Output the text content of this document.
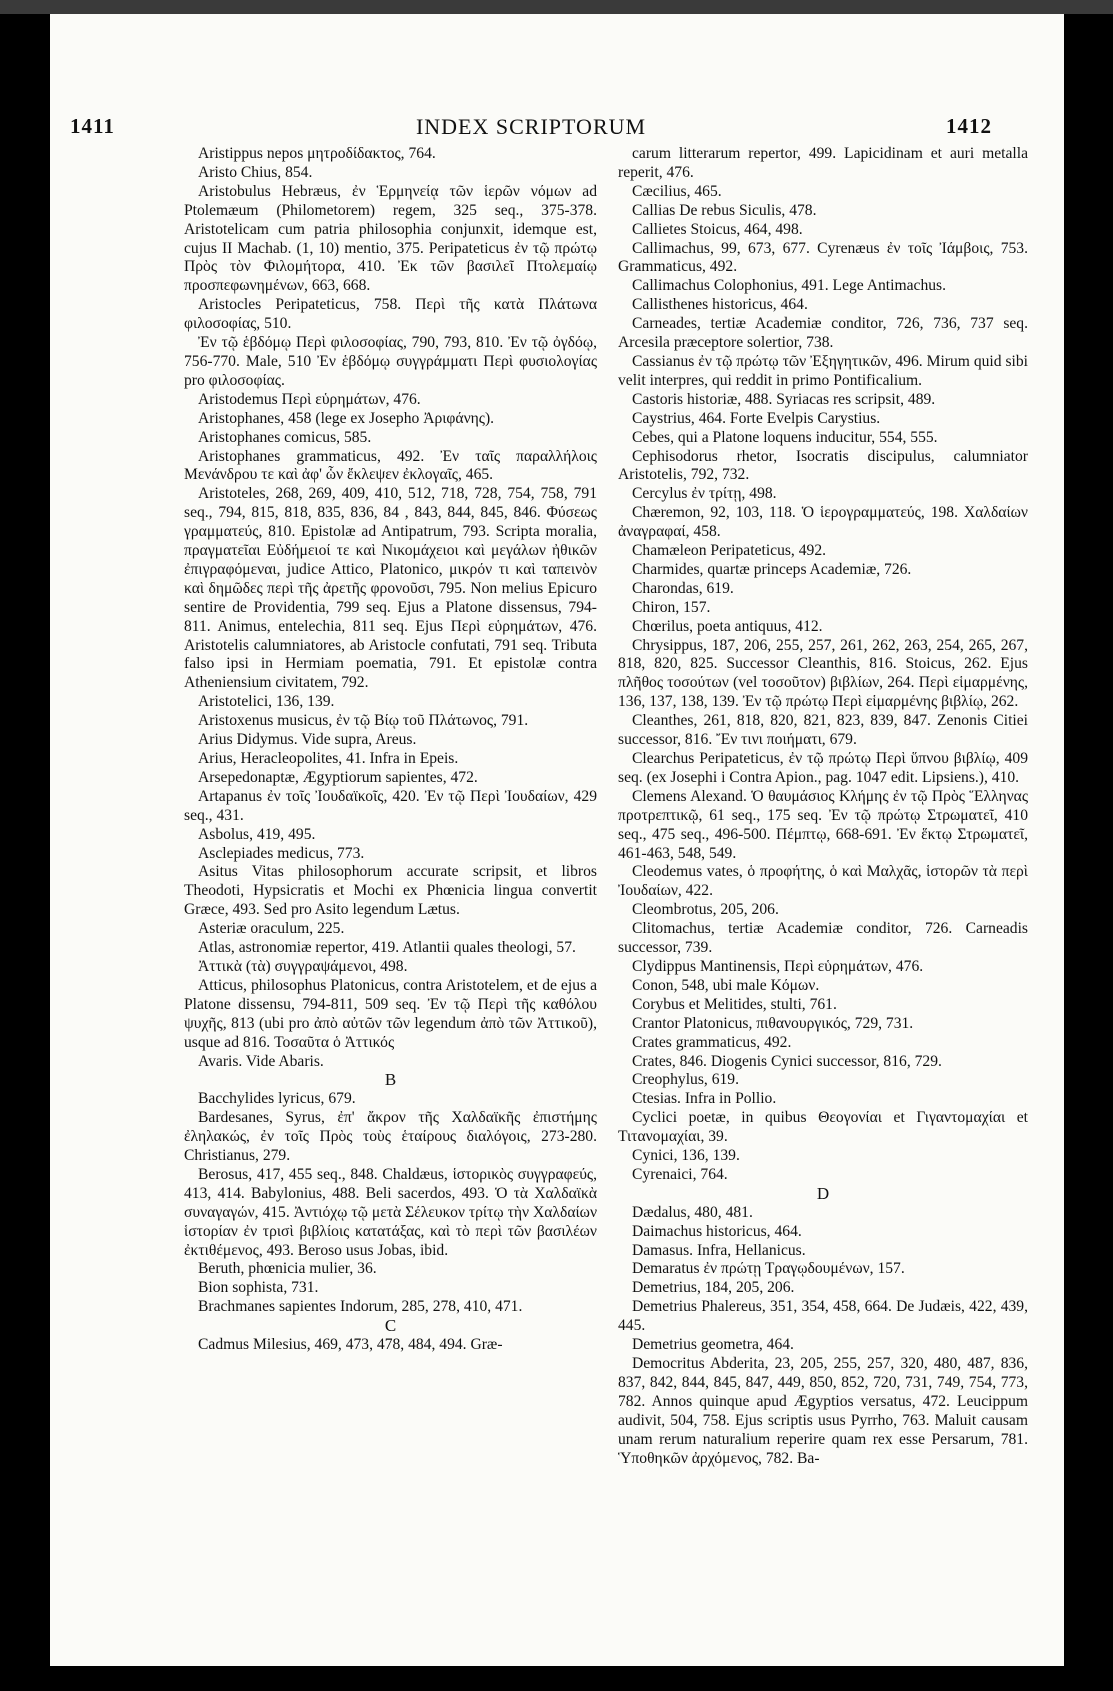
1411	INDEX SCRIPTORUM	1412

Aristippus nepos μητροδίδακτος, 764.

Aristo Chius, 854.

Aristobulus Hebræus, ἐν Ἑρμηνείᾳ τῶν ἱερῶν νόμων ad Ptolemæum (Philometorem) regem, 325 seq., 375-378. Aristotelicam cum patria philosophia conjunxit, idemque est, cujus II Machab. (1, 10) mentio, 375. Peripateticus ἐν τῷ πρώτῳ Πρὸς τὸν Φιλομήτορα, 410. Ἐκ τῶν βασιλεῖ Πτολεμαίῳ προσπεφωνημένων, 663, 668.

Aristocles Peripateticus, 758. Περὶ τῆς κατὰ Πλάτωνα φιλοσοφίας, 510.

Ἐν τῷ ἑβδόμῳ Περὶ φιλοσοφίας, 790, 793, 810. Ἐν τῷ ὀγδόῳ, 756-770. Male, 510 Ἐν ἑβδόμῳ συγγράμματι Περὶ φυσιολογίας pro φιλοσοφίας.

Aristodemus Περὶ εὑρημάτων, 476.

Aristophanes, 458 (lege ex Josepho Ἀριφάνης).

Aristophanes comicus, 585.

Aristophanes grammaticus, 492. Ἐν ταῖς παραλλήλοις Μενάνδρου τε καὶ ἀφ' ὧν ἔκλεψεν ἐκλογαῖς, 465.

Aristoteles, 268, 269, 409, 410, 512, 718, 728, 754, 758, 791 seq., 794, 815, 818, 835, 836, 84 , 843, 844, 845, 846. Φύσεως γραμματεύς, 810. Epistolæ ad Antipatrum, 793. Scripta moralia, πραγματεῖαι Εὐδήμειοί τε καὶ Νικομάχειοι καὶ μεγάλων ἠθικῶν ἐπιγραφόμεναι, judice Attico, Platonico, μικρόν τι καὶ ταπεινὸν καὶ δημῶδες περὶ τῆς ἀρετῆς φρονοῦσι, 795. Non melius Epicuro sentire de Providentia, 799 seq. Ejus a Platone dissensus, 794-811. Animus, entelechia, 811 seq. Ejus Περὶ εὑρημάτων, 476. Aristotelis calumniatores, ab Aristocle confutati, 791 seq. Tributa falso ipsi in Hermiam poematia, 791. Et epistolæ contra Atheniensium civitatem, 792.

Aristotelici, 136, 139.

Aristoxenus musicus, ἐν τῷ Βίῳ τοῦ Πλάτωνος, 791.

Arius Didymus. Vide supra, Areus.

Arius, Heracleopolites, 41. Infra in Epeis.

Arsepedonaptæ, Ægyptiorum sapientes, 472.

Artapanus ἐν τοῖς Ἰουδαϊκοῖς, 420. Ἐν τῷ Περὶ Ἰουδαίων, 429 seq., 431.

Asbolus, 419, 495.

Asclepiades medicus, 773.

Asitus Vitas philosophorum accurate scripsit, et libros Theodoti, Hypsicratis et Mochi ex Phœnicia lingua convertit Græce, 493. Sed pro Asito legendum Lætus.

Asteriæ oraculum, 225.

Atlas, astronomiæ repertor, 419. Atlantii quales theologi, 57.

Ἀττικὰ (τὰ) συγγραψάμενοι, 498.

Atticus, philosophus Platonicus, contra Aristotelem, et de ejus a Platone dissensu, 794-811, 509 seq. Ἐν τῷ Περὶ τῆς καθόλου ψυχῆς, 813 (ubi pro ἀπὸ αὐτῶν τῶν legendum ἀπὸ τῶν Ἀττικοῦ), usque ad 816. Τοσαῦτα ὁ Ἀττικός

Avaris. Vide Abaris.

B

Bacchylides lyricus, 679.

Bardesanes, Syrus, ἐπ' ἄκρον τῆς Χαλδαϊκῆς ἐπιστήμης ἐληλακώς, ἐν τοῖς Πρὸς τοὺς ἑταίρους διαλόγοις, 273-280. Christianus, 279.

Berosus, 417, 455 seq., 848. Chaldæus, ἱστορικὸς συγγραφεύς, 413, 414. Babylonius, 488. Beli sacerdos, 493. Ὁ τὰ Χαλδαϊκὰ συναγαγών, 415. Ἀντιόχῳ τῷ μετὰ Σέλευκον τρίτῳ τὴν Χαλδαίων ἱστορίαν ἐν τρισὶ βιβλίοις κατατάξας, καὶ τὸ περὶ τῶν βασιλέων ἐκτιθέμενος, 493. Beroso usus Jobas, ibid.

Beruth, phœnicia mulier, 36.

Bion sophista, 731.

Brachmanes sapientes Indorum, 285, 278, 410, 471.

C

Cadmus Milesius, 469, 473, 478, 484, 494. Græ-

carum litterarum repertor, 499. Lapicidinam et auri metalla reperit, 476.

Cæcilius, 465.

Callias De rebus Siculis, 478.

Callietes Stoicus, 464, 498.

Callimachus, 99, 673, 677. Cyrenæus ἐν τοῖς Ἰάμβοις, 753. Grammaticus, 492.

Callimachus Colophonius, 491. Lege Antimachus.

Callisthenes historicus, 464.

Carneades, tertiæ Academiæ conditor, 726, 736, 737 seq. Arcesila præceptore solertior, 738.

Cassianus ἐν τῷ πρώτῳ τῶν Ἐξηγητικῶν, 496. Mirum quid sibi velit interpres, qui reddit in primo Pontificalium.

Castoris historiæ, 488. Syriacas res scripsit, 489.

Caystrius, 464. Forte Evelpis Carystius.

Cebes, qui a Platone loquens inducitur, 554, 555.

Cephisodorus rhetor, Isocratis discipulus, calumniator Aristotelis, 792, 732.

Cercylus ἐν τρίτῃ, 498.

Chæremon, 92, 103, 118. Ὁ ἱερογραμματεύς, 198. Χαλδαίων ἀναγραφαί, 458.

Chamæleon Peripateticus, 492.

Charmides, quartæ princeps Academiæ, 726.

Charondas, 619.

Chiron, 157.

Chœrilus, poeta antiquus, 412.

Chrysippus, 187, 206, 255, 257, 261, 262, 263, 254, 265, 267, 818, 820, 825. Successor Cleanthis, 816. Stoicus, 262. Ejus πλῆθος τοσούτων (vel τοσοῦτον) βιβλίων, 264. Περὶ εἱμαρμένης, 136, 137, 138, 139. Ἐν τῷ πρώτῳ Περὶ εἱμαρμένης βιβλίῳ, 262.

Cleanthes, 261, 818, 820, 821, 823, 839, 847. Zenonis Citiei successor, 816. Ἔν τινι ποιήματι, 679.

Clearchus Peripateticus, ἐν τῷ πρώτῳ Περὶ ὕπνου βιβλίῳ, 409 seq. (ex Josephi i Contra Apion., pag. 1047 edit. Lipsiens.), 410.

Clemens Alexand. Ὁ θαυμάσιος Κλήμης ἐν τῷ Πρὸς Ἕλληνας προτρεπτικῷ, 61 seq., 175 seq. Ἐν τῷ πρώτῳ Στρωματεῖ, 410 seq., 475 seq., 496-500. Πέμπτῳ, 668-691. Ἐν ἕκτῳ Στρωματεῖ, 461-463, 548, 549.

Cleodemus vates, ὁ προφήτης, ὁ καὶ Μαλχᾶς, ἱστορῶν τὰ περὶ Ἰουδαίων, 422.

Cleombrotus, 205, 206.

Clitomachus, tertiæ Academiæ conditor, 726. Carneadis successor, 739.

Clydippus Mantinensis, Περὶ εὑρημάτων, 476.

Conon, 548, ubi male Κόμων.

Corybus et Melitides, stulti, 761.

Crantor Platonicus, πιθανουργικός, 729, 731.

Crates grammaticus, 492.

Crates, 846. Diogenis Cynici successor, 816, 729.

Creophylus, 619.

Ctesias. Infra in Pollio.

Cyclici poetæ, in quibus Θεογονίαι et Γιγαντομαχίαι et Τιτανομαχίαι, 39.

Cynici, 136, 139.

Cyrenaici, 764.

D

Dædalus, 480, 481.

Daimachus historicus, 464.

Damasus. Infra, Hellanicus.

Demaratus ἐν πρώτῃ Τραγῳδουμένων, 157.

Demetrius, 184, 205, 206.

Demetrius Phalereus, 351, 354, 458, 664. De Judæis, 422, 439, 445.

Demetrius geometra, 464.

Democritus Abderita, 23, 205, 255, 257, 320, 480, 487, 836, 837, 842, 844, 845, 847, 449, 850, 852, 720, 731, 749, 754, 773, 782. Annos quinque apud Ægyptios versatus, 472. Leucippum audivit, 504, 758. Ejus scriptis usus Pyrrho, 763. Maluit causam unam rerum naturalium reperire quam rex esse Persarum, 781. Ὑποθηκῶν ἀρχόμενος, 782. Ba-
